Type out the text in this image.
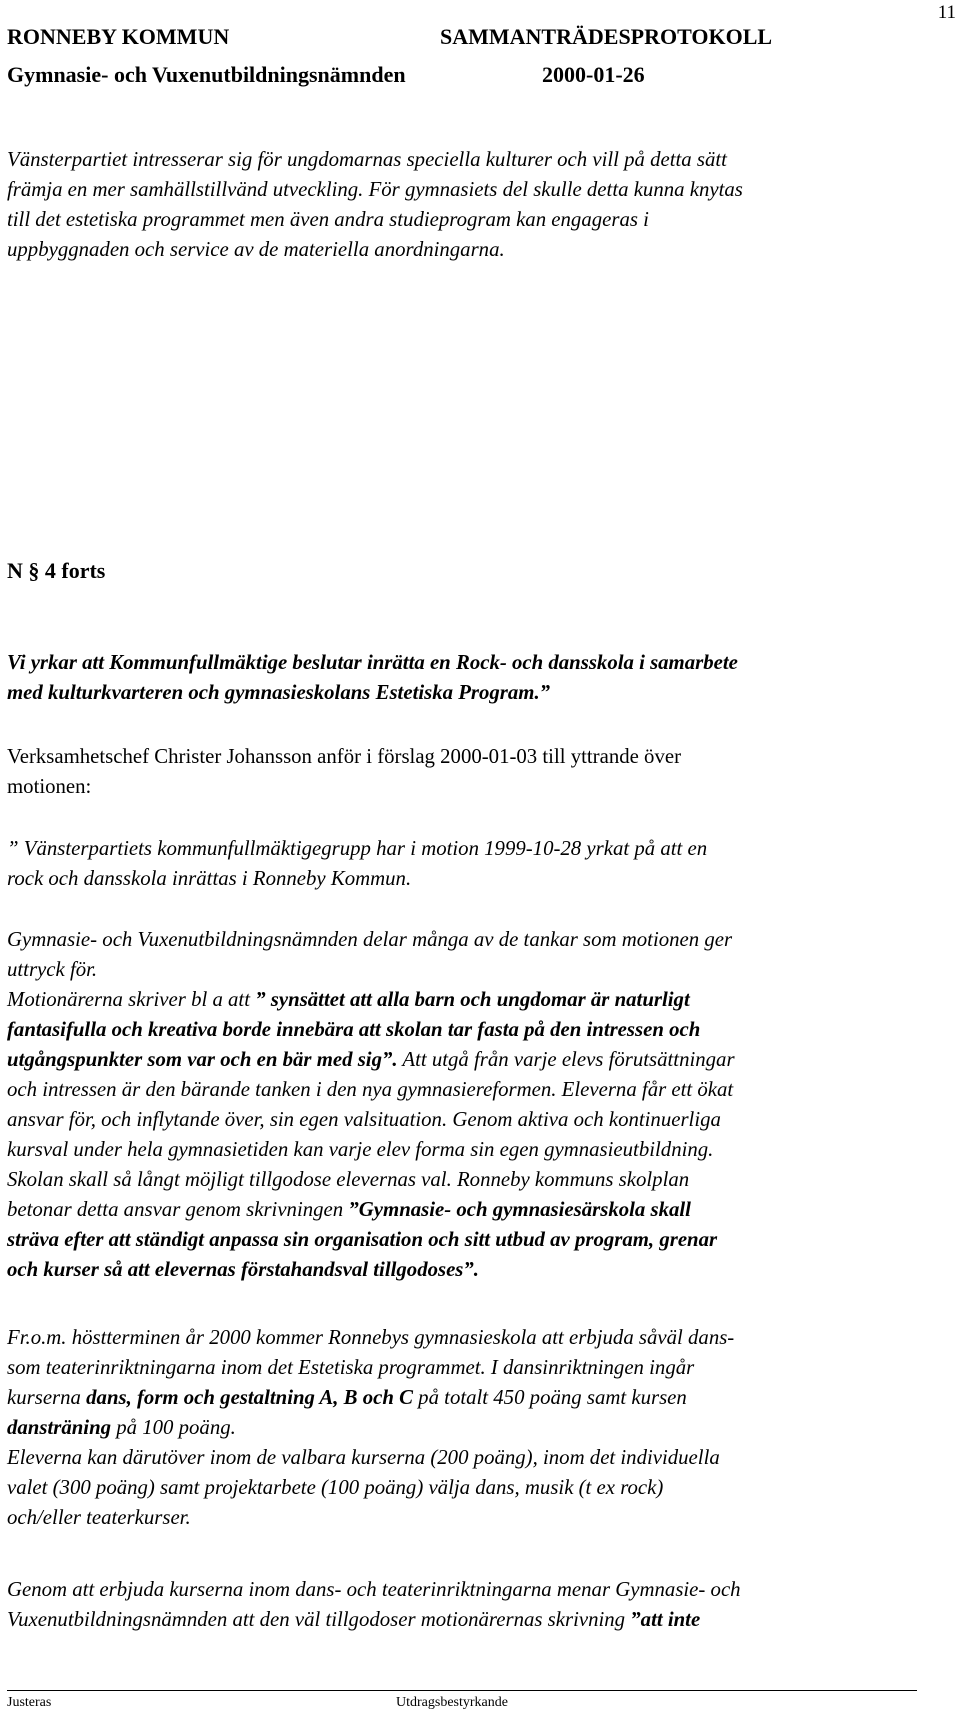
11
RONNEBY KOMMUN	SAMMANTRÄDESPROTOKOLL
Gymnasie- och Vuxenutbildningsnämnden	2000-01-26
Vänsterpartiet intresserar sig för ungdomarnas speciella kulturer och vill på detta sätt
främja en mer samhällstillvänd utveckling. För gymnasiets del skulle detta kunna knytas
till det estetiska programmet men även andra studieprogram kan engageras i
uppbyggnaden och service av de materiella anordningarna.
N § 4 forts
Vi yrkar att Kommunfullmäktige beslutar inrätta en Rock- och dansskola i samarbete
med kulturkvarteren och gymnasieskolans Estetiska Program.”
Verksamhetschef Christer Johansson anför i förslag 2000-01-03 till yttrande över
motionen:
” Vänsterpartiets kommunfullmäktigegrupp har i motion 1999-10-28 yrkat på att en
rock och dansskola inrättas i Ronneby Kommun.
Gymnasie- och Vuxenutbildningsnämnden delar många av de tankar som motionen ger
uttryck för.
Motionärerna skriver bl a att ” synsättet att alla barn och ungdomar är naturligt
fantasifulla och kreativa borde innebära att skolan tar fasta på den intressen och
utgångspunkter som var och en bär med sig”. Att utgå från varje elevs förutsättningar
och intressen är den bärande tanken i den nya gymnasiereformen. Eleverna får ett ökat
ansvar för, och inflytande över, sin egen valsituation. Genom aktiva och kontinuerliga
kursval under hela gymnasietiden kan varje elev forma sin egen gymnasieutbildning.
Skolan skall så långt möjligt tillgodose elevernas val. Ronneby kommuns skolplan
betonar detta ansvar genom skrivningen ”Gymnasie- och gymnasiesärskola skall
sträva efter att ständigt anpassa sin organisation och sitt utbud av program, grenar
och kurser så att elevernas förstahandsval tillgodoses”.
Fr.o.m. höstterminen år 2000 kommer Ronnebys gymnasieskola att erbjuda såväl dans-
som teaterinriktningarna inom det Estetiska programmet. I dansinriktningen ingår
kurserna dans, form och gestaltning A, B och C på totalt 450 poäng samt kursen
dansträning på 100 poäng.
Eleverna kan därutöver inom de valbara kurserna (200 poäng), inom det individuella
valet (300 poäng) samt projektarbete (100 poäng) välja dans, musik (t ex rock)
och/eller teaterkurser.
Genom att erbjuda kurserna inom dans- och teaterinriktningarna menar Gymnasie- och
Vuxenutbildningsnämnden att den väl tillgodoser motionärernas skrivning ”att inte
Justeras	Utdragsbestyrkande
